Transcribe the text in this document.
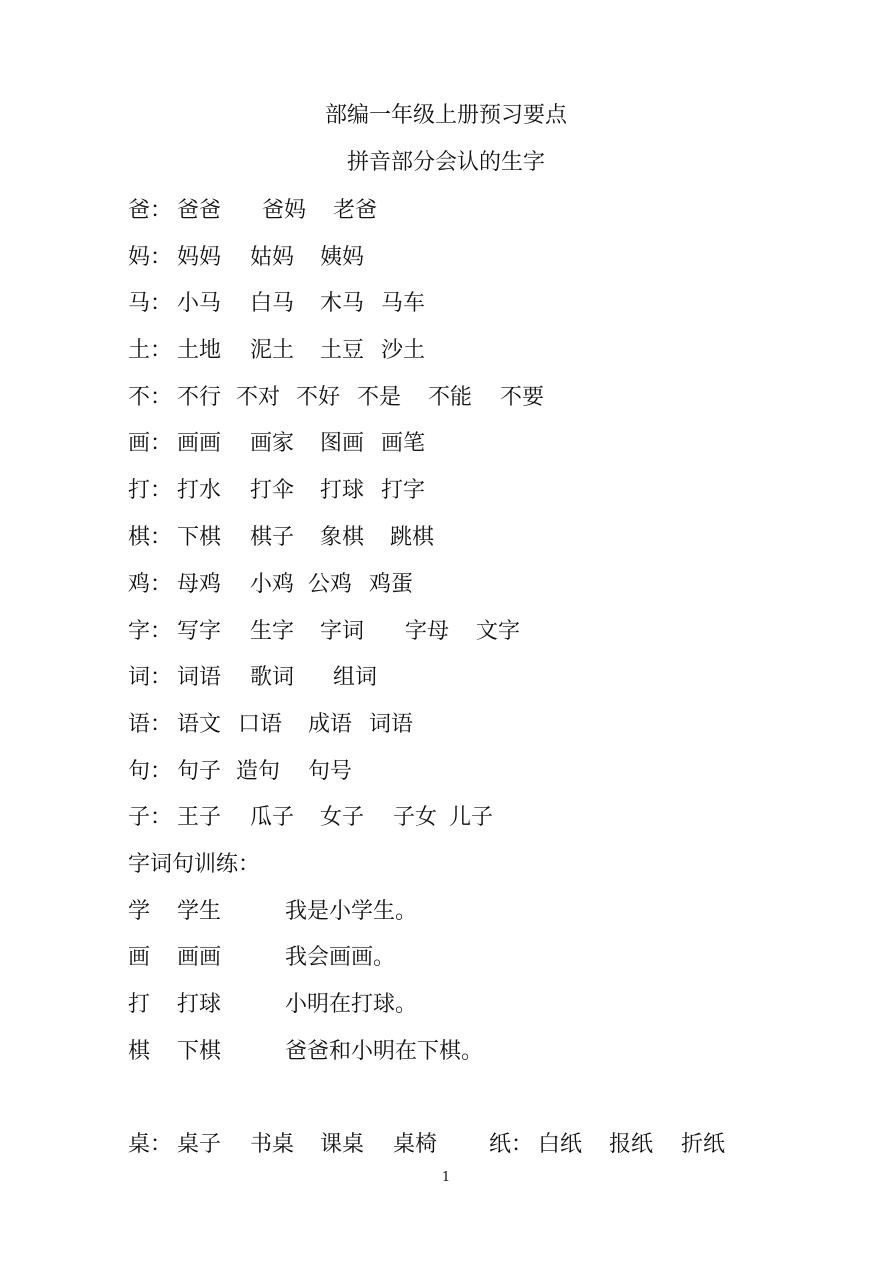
部编一年级上册预习要点
拼音部分会认的生字
爸： 爸爸 爸妈 老爸
妈： 妈妈 姑妈 姨妈
马： 小马 白马 木马 马车
土： 土地 泥土 土豆 沙土
不： 不行 不对 不好 不是 不能 不要
画： 画画 画家 图画 画笔
打： 打水 打伞 打球 打字
棋： 下棋 棋子 象棋 跳棋
鸡： 母鸡 小鸡 公鸡 鸡蛋
字： 写字 生字 字词 字母 文字
词： 词语 歌词 组词
语： 语文 口语 成语 词语
句： 句子 造句 句号
子： 王子 瓜子 女子 子女 儿子
字词句训练：
学 学生	我是小学生。
画 画画	我会画画。
打 打球	小明在打球。
棋 下棋	爸爸和小明在下棋。
桌： 桌子 书桌 课桌 桌椅 纸： 白纸 报纸 折纸
1
